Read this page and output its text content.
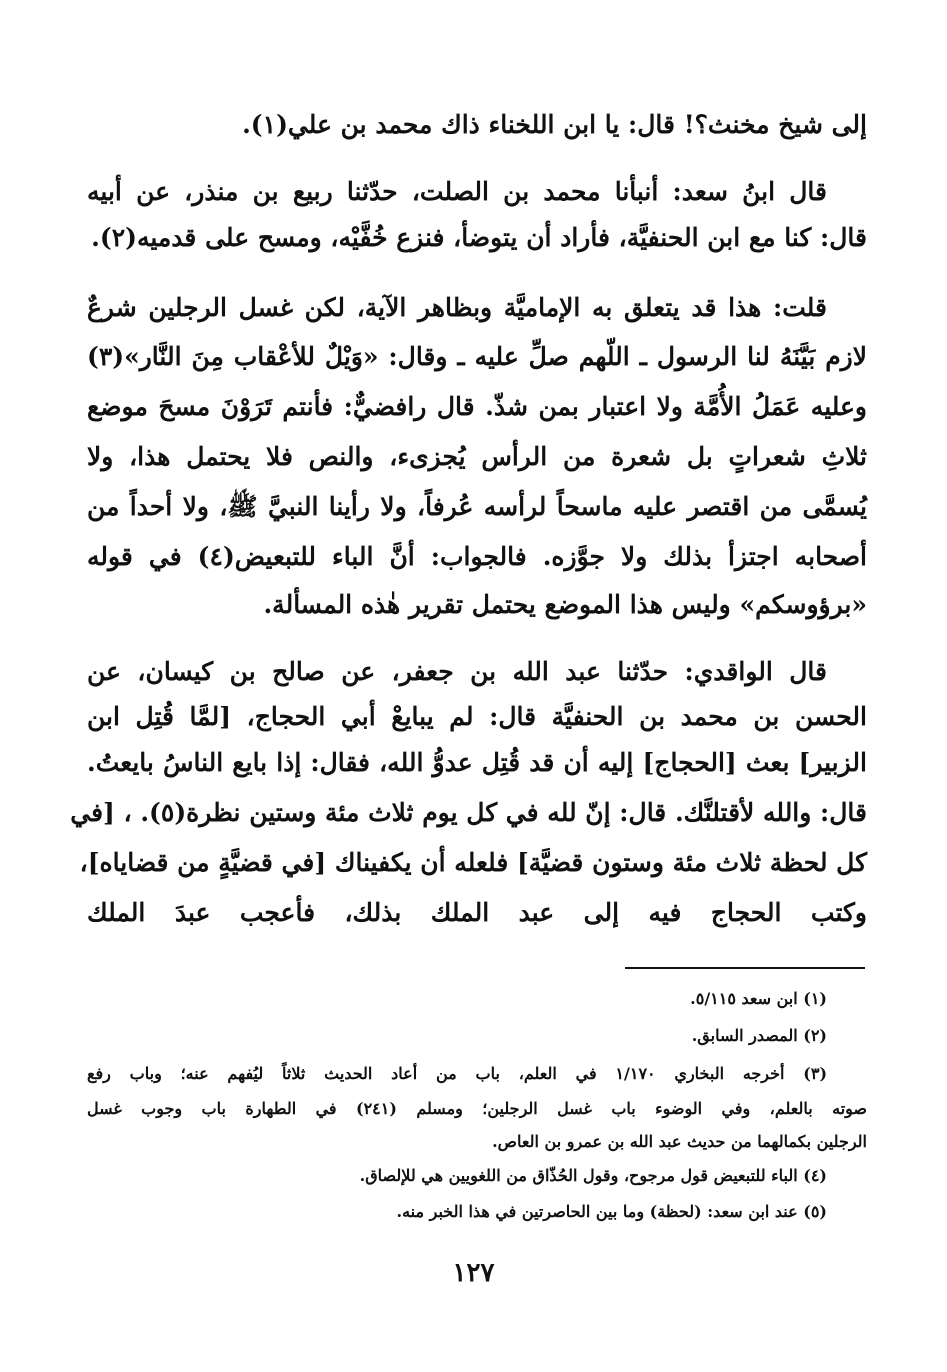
إلى شيخ مخنث؟! قال: يا ابن اللخناء ذاك محمد بن علي(١).
قال ابنُ سعد: أنبأنا محمد بن الصلت، حدّثنا ربيع بن منذر، عن أبيه
قال: كنا مع ابن الحنفيَّة، فأراد أن يتوضأ، فنزع خُفَّيْه، ومسح على قدميه(٢).
قلت: هذا قد يتعلق به الإماميَّة وبظاهر الآية، لكن غسل الرجلين شرعٌ
لازم بَيَّنَهُ لنا الرسول ـ اللّهم صلِّ عليه ـ وقال: «وَيْلٌ للأعْقاب مِنَ النَّار»(٣)
وعليه عَمَلُ الأُمَّة ولا اعتبار بمن شذّ. قال رافضيٌّ: فأنتم تَرَوْنَ مسحَ موضع
ثلاثِ شعراتٍ بل شعرة من الرأس يُجزىء، والنص فلا يحتمل هذا، ولا
يُسمَّى من اقتصر عليه ماسحاً لرأسه عُرفاً، ولا رأينا النبيَّ ﷺ، ولا أحداً من
أصحابه اجتزأ بذلك ولا جوَّزه. فالجواب: أنَّ الباء للتبعيض(٤) في قوله
«برؤوسكم» وليس هذا الموضع يحتمل تقرير هٰذه المسألة.
قال الواقدي: حدّثنا عبد الله بن جعفر، عن صالح بن كيسان، عن
الحسن بن محمد بن الحنفيَّة قال: لم يبايعْ أبي الحجاج، [لمَّا قُتِل ابن
الزبير] بعث [الحجاج] إليه أن قد قُتِل عدوُّ الله، فقال: إذا بايع الناسُ بايعتُ.
قال: والله لأقتلنَّك. قال: إنّ لله في كل يوم ثلاث مئة وستين نظرة(٥). ، [في
كل لحظة ثلاث مئة وستون قضيَّة] فلعله أن يكفيناك [في قضيَّةٍ من قضاياه]،
وكتب الحجاج فيه إلى عبد الملك بذلك، فأعجب عبدَ الملك
(١) ابن سعد ٥/١١٥.
(٢) المصدر السابق.
(٣) أخرجه البخاري ١/١٧٠ في العلم، باب من أعاد الحديث ثلاثاً ليُفهم عنه؛ وباب رفع
صوته بالعلم، وفي الوضوء باب غسل الرجلين؛ ومسلم (٢٤١) في الطهارة باب وجوب غسل
الرجلين بكمالهما من حديث عبد الله بن عمرو بن العاص.
(٤) الباء للتبعيض قول مرجوح، وقول الحُذّاق من اللغويين هي للإلصاق.
(٥) عند ابن سعد: (لحظة) وما بين الحاصرتين في هذا الخبر منه.
١٢٧
